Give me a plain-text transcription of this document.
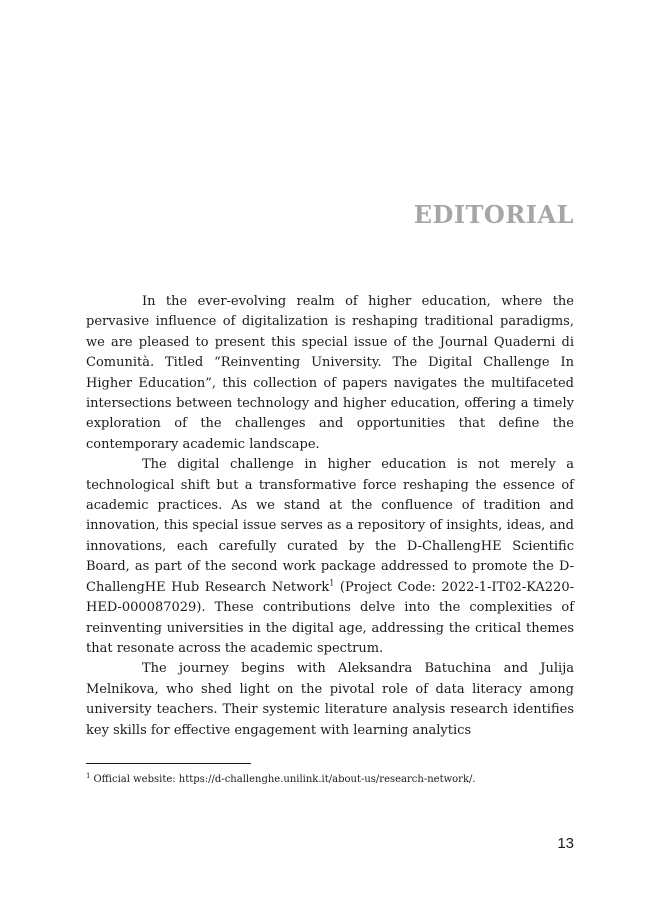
EDITORIAL

In the ever-evolving realm of higher education, where the pervasive influence of digitalization is reshaping traditional paradigms, we are pleased to present this special issue of the Journal Quaderni di Comunità. Titled “Reinventing University. The Digital Challenge In Higher Education”, this collection of papers navigates the multifaceted intersections between technology and higher education, offering a timely exploration of the challenges and opportunities that define the contemporary academic landscape.

The digital challenge in higher education is not merely a technological shift but a transformative force reshaping the essence of academic practices. As we stand at the confluence of tradition and innovation, this special issue serves as a repository of insights, ideas, and innovations, each carefully curated by the D-ChallengHE Scientific Board, as part of the second work package addressed to promote the D-ChallengHE Hub Research Network$^1$ (Project Code: 2022-1-IT02-KA220-HED-000087029). These contributions delve into the complexities of reinventing universities in the digital age, addressing the critical themes that resonate across the academic spectrum.

The journey begins with Aleksandra Batuchina and Julija Melnikova, who shed light on the pivotal role of data literacy among university teachers. Their systemic literature analysis research identifies key skills for effective engagement with learning analytics

$^1$ Official website: https://d-challenghe.unilink.it/about-us/research-network/.

13
